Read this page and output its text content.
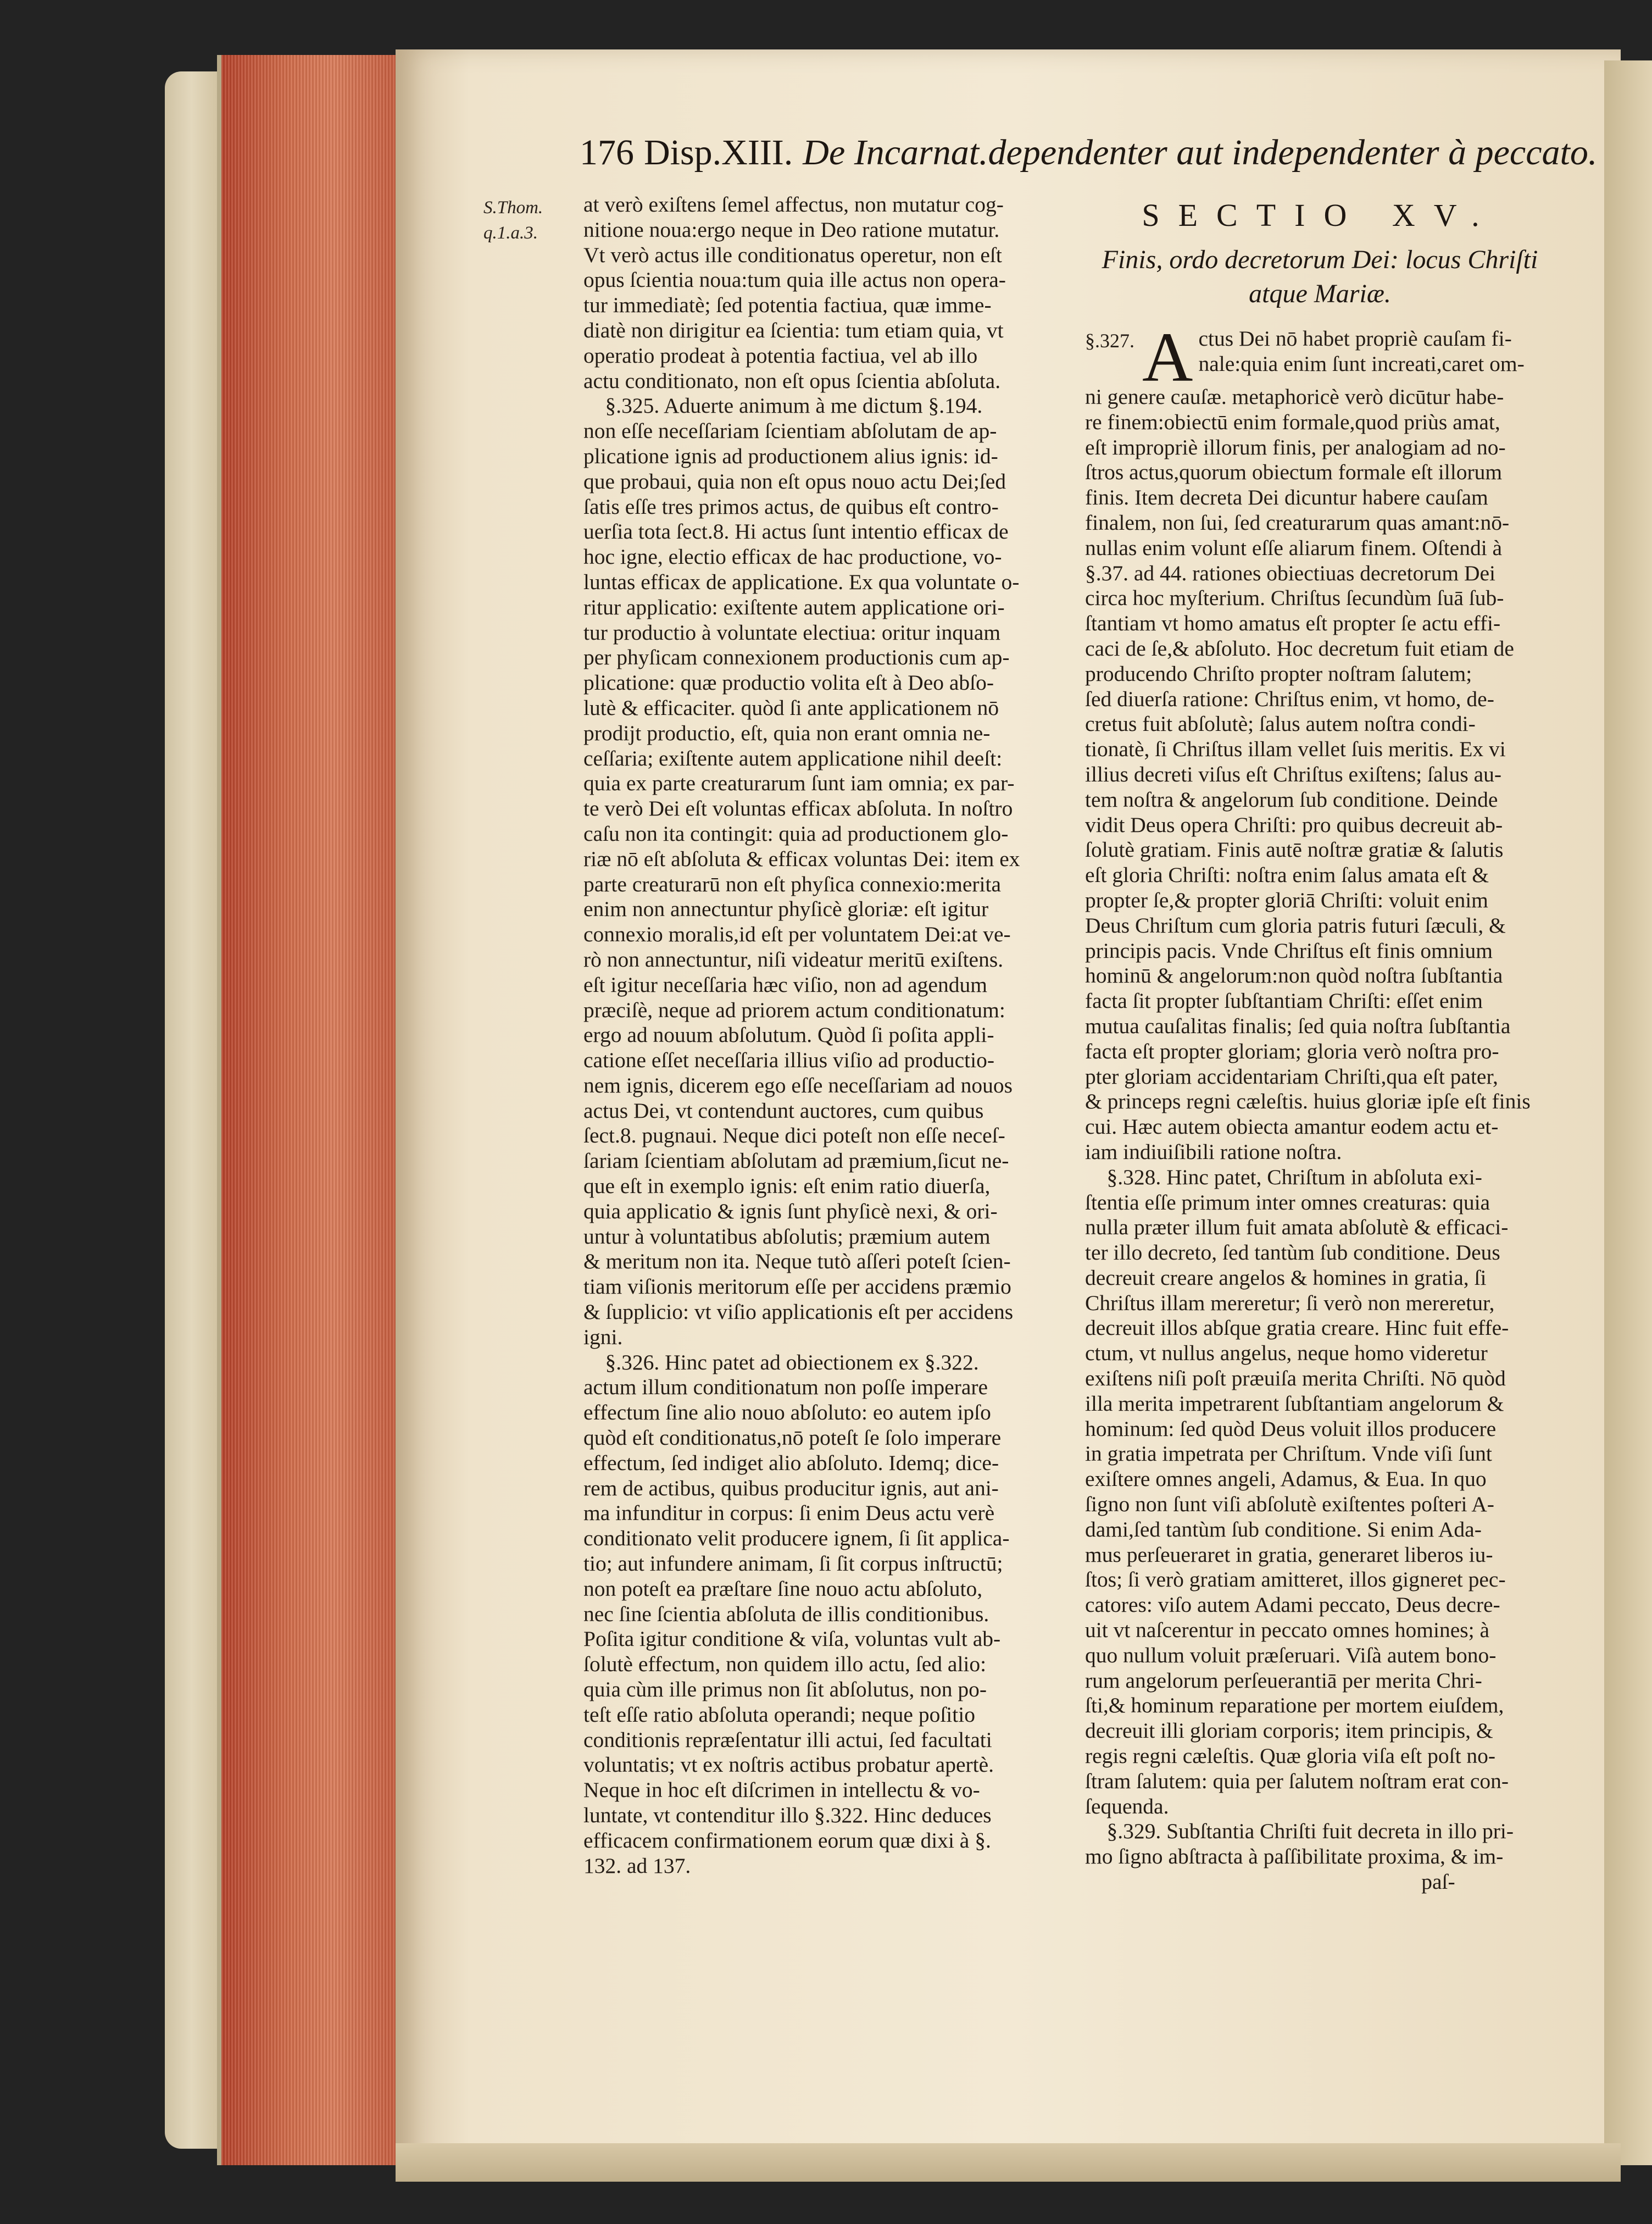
176 Disp.XIII. De Incarnat.dependenter aut independenter à peccato.
S.Thom.
q.1.a.3.
at verò exiſtens ſemel affectus, non mutatur cog-
nitione noua:ergo neque in Deo ratione mutatur.
Vt verò actus ille conditionatus operetur, non eſt
opus ſcientia noua:tum quia ille actus non opera-
tur immediatè; ſed potentia factiua, quæ imme-
diatè non dirigitur ea ſcientia: tum etiam quia, vt
operatio prodeat à potentia factiua, vel ab illo
actu conditionato, non eſt opus ſcientia abſoluta.
§.325. Aduerte animum à me dictum §.194.
non eſſe neceſſariam ſcientiam abſolutam de ap-
plicatione ignis ad productionem alius ignis: id-
que probaui, quia non eſt opus nouo actu Dei;ſed
ſatis eſſe tres primos actus, de quibus eſt contro-
uerſia tota ſect.8. Hi actus ſunt intentio efficax de
hoc igne, electio efficax de hac productione, vo-
luntas efficax de applicatione. Ex qua voluntate o-
ritur applicatio: exiſtente autem applicatione ori-
tur productio à voluntate electiua: oritur inquam
per phyſicam connexionem productionis cum ap-
plicatione: quæ productio volita eſt à Deo abſo-
lutè & efficaciter. quòd ſi ante applicationem nō
prodijt productio, eſt, quia non erant omnia ne-
ceſſaria; exiſtente autem applicatione nihil deeſt:
quia ex parte creaturarum ſunt iam omnia; ex par-
te verò Dei eſt voluntas efficax abſoluta. In noſtro
caſu non ita contingit: quia ad productionem glo-
riæ nō eſt abſoluta & efficax voluntas Dei: item ex
parte creaturarū non eſt phyſica connexio:merita
enim non annectuntur phyſicè gloriæ: eſt igitur
connexio moralis,id eſt per voluntatem Dei:at ve-
rò non annectuntur, niſi videatur meritū exiſtens.
eſt igitur neceſſaria hæc viſio, non ad agendum
præciſè, neque ad priorem actum conditionatum:
ergo ad nouum abſolutum. Quòd ſi poſita appli-
catione eſſet neceſſaria illius viſio ad productio-
nem ignis, dicerem ego eſſe neceſſariam ad nouos
actus Dei, vt contendunt auctores, cum quibus
ſect.8. pugnaui. Neque dici poteſt non eſſe neceſ-
ſariam ſcientiam abſolutam ad præmium,ſicut ne-
que eſt in exemplo ignis: eſt enim ratio diuerſa,
quia applicatio & ignis ſunt phyſicè nexi, & ori-
untur à voluntatibus abſolutis; præmium autem
& meritum non ita. Neque tutò aſſeri poteſt ſcien-
tiam viſionis meritorum eſſe per accidens præmio
& ſupplicio: vt viſio applicationis eſt per accidens
igni.
§.326. Hinc patet ad obiectionem ex §.322.
actum illum conditionatum non poſſe imperare
effectum ſine alio nouo abſoluto: eo autem ipſo
quòd eſt conditionatus,nō poteſt ſe ſolo imperare
effectum, ſed indiget alio abſoluto. Idemq; dice-
rem de actibus, quibus producitur ignis, aut ani-
ma infunditur in corpus: ſi enim Deus actu verè
conditionato velit producere ignem, ſi ſit applica-
tio; aut infundere animam, ſi ſit corpus inſtructū;
non poteſt ea præſtare ſine nouo actu abſoluto,
nec ſine ſcientia abſoluta de illis conditionibus.
Poſita igitur conditione & viſa, voluntas vult ab-
ſolutè effectum, non quidem illo actu, ſed alio:
quia cùm ille primus non ſit abſolutus, non po-
teſt eſſe ratio abſoluta operandi; neque poſitio
conditionis repræſentatur illi actui, ſed facultati
voluntatis; vt ex noſtris actibus probatur apertè.
Neque in hoc eſt diſcrimen in intellectu & vo-
luntate, vt contenditur illo §.322. Hinc deduces
efficacem confirmationem eorum quæ dixi à §.
132. ad 137.
SECTIO XV.
Finis, ordo decretorum Dei: locus Chriſti
atque Mariæ.
§.327. A ctus Dei nō habet propriè cauſam fi-
nale:quia enim ſunt increati,caret om-
ni genere cauſæ. metaphoricè verò dicūtur habe-
re finem:obiectū enim formale,quod priùs amat,
eſt impropriè illorum finis, per analogiam ad no-
ſtros actus,quorum obiectum formale eſt illorum
finis. Item decreta Dei dicuntur habere cauſam
finalem, non ſui, ſed creaturarum quas amant:nō-
nullas enim volunt eſſe aliarum finem. Oſtendi à
§.37. ad 44. rationes obiectiuas decretorum Dei
circa hoc myſterium. Chriſtus ſecundùm ſuā ſub-
ſtantiam vt homo amatus eſt propter ſe actu effi-
caci de ſe,& abſoluto. Hoc decretum fuit etiam de
producendo Chriſto propter noſtram ſalutem;
ſed diuerſa ratione: Chriſtus enim, vt homo, de-
cretus fuit abſolutè; ſalus autem noſtra condi-
tionatè, ſi Chriſtus illam vellet ſuis meritis. Ex vi
illius decreti viſus eſt Chriſtus exiſtens; ſalus au-
tem noſtra & angelorum ſub conditione. Deinde
vidit Deus opera Chriſti: pro quibus decreuit ab-
ſolutè gratiam. Finis autē noſtræ gratiæ & ſalutis
eſt gloria Chriſti: noſtra enim ſalus amata eſt &
propter ſe,& propter gloriā Chriſti: voluit enim
Deus Chriſtum cum gloria patris futuri ſæculi, &
principis pacis. Vnde Chriſtus eſt finis omnium
hominū & angelorum:non quòd noſtra ſubſtantia
facta ſit propter ſubſtantiam Chriſti: eſſet enim
mutua cauſalitas finalis; ſed quia noſtra ſubſtantia
facta eſt propter gloriam; gloria verò noſtra pro-
pter gloriam accidentariam Chriſti,qua eſt pater,
& princeps regni cæleſtis. huius gloriæ ipſe eſt finis
cui. Hæc autem obiecta amantur eodem actu et-
iam indiuiſibili ratione noſtra.
§.328. Hinc patet, Chriſtum in abſoluta exi-
ſtentia eſſe primum inter omnes creaturas: quia
nulla præter illum fuit amata abſolutè & efficaci-
ter illo decreto, ſed tantùm ſub conditione. Deus
decreuit creare angelos & homines in gratia, ſi
Chriſtus illam mereretur; ſi verò non mereretur,
decreuit illos abſque gratia creare. Hinc fuit effe-
ctum, vt nullus angelus, neque homo videretur
exiſtens niſi poſt præuiſa merita Chriſti. Nō quòd
illa merita impetrarent ſubſtantiam angelorum &
hominum: ſed quòd Deus voluit illos producere
in gratia impetrata per Chriſtum. Vnde viſi ſunt
exiſtere omnes angeli, Adamus, & Eua. In quo
ſigno non ſunt viſi abſolutè exiſtentes poſteri A-
dami,ſed tantùm ſub conditione. Si enim Ada-
mus perſeueraret in gratia, generaret liberos iu-
ſtos; ſi verò gratiam amitteret, illos gigneret pec-
catores: viſo autem Adami peccato, Deus decre-
uit vt naſcerentur in peccato omnes homines; à
quo nullum voluit præſeruari. Viſà autem bono-
rum angelorum perſeuerantiā per merita Chri-
ſti,& hominum reparatione per mortem eiuſdem,
decreuit illi gloriam corporis; item principis, &
regis regni cæleſtis. Quæ gloria viſa eſt poſt no-
ſtram ſalutem: quia per ſalutem noſtram erat con-
ſequenda.
§.329. Subſtantia Chriſti fuit decreta in illo pri-
mo ſigno abſtracta à paſſibilitate proxima, & im-
paſ-
